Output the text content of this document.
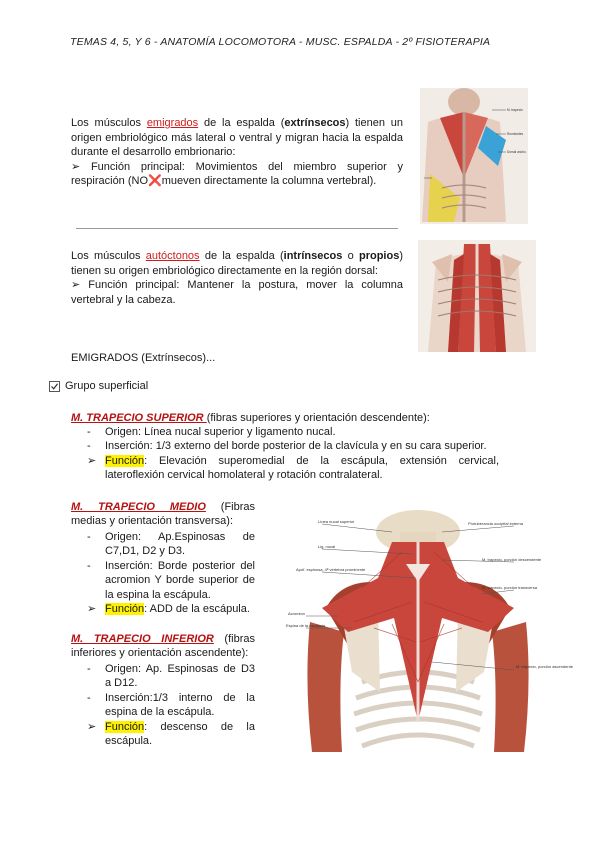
TEMAS 4, 5, Y 6 - ANATOMÍA LOCOMOTORA - MUSC. ESPALDA - 2º FISIOTERAPIA
Los músculos emigrados de la espalda (extrínsecos) tienen un origen embriológico más lateral o ventral y migran hacia la espalda durante el desarrollo embrionario:
➢ Función principal: Movimientos del miembro superior y respiración (NO❌mueven directamente la columna vertebral).
M. trapecio
Romboides
Dorsal ancho
Los músculos autóctonos de la espalda (intrínsecos o propios) tienen su origen embriológico directamente en la región dorsal:
➢ Función principal: Mantener la postura, mover la columna vertebral y la cabeza.
EMIGRADOS (Extrínsecos)...
Grupo superficial
M. TRAPECIO SUPERIOR (fibras superiores y orientación descendente):
- Origen: Línea nucal superior y ligamento nucal.
- Inserción: 1/3 externo del borde posterior de la clavícula y en su cara superior.
➢ Función: Elevación superomedial de la escápula, extensión cervical, lateroflexión cervical homolateral y rotación contralateral.
M. TRAPECIO MEDIO (Fibras medias y orientación transversa):
- Origen: Ap.Espinosas de C7,D1, D2 y D3.
- Inserción: Borde posterior del acromion Y borde superior de la espina la escápula.
➢ Función: ADD de la escápula.
M. TRAPECIO INFERIOR (fibras inferiores y orientación ascendente):
- Origen: Ap. Espinosas de D3 a D12.
- Inserción:1/3 interno de la espina de la escápula.
➢ Función: descenso de la escápula.
Línea nucal superior	Protuberancia occipital externa
Lig. nucal
M. trapecio, porción descendente
Apóf. espinosa, 4ª vértebra prominente
M. trapecio, porción transversa
Acromion
Espina de la escápula
M. trapecio, porción ascendente
